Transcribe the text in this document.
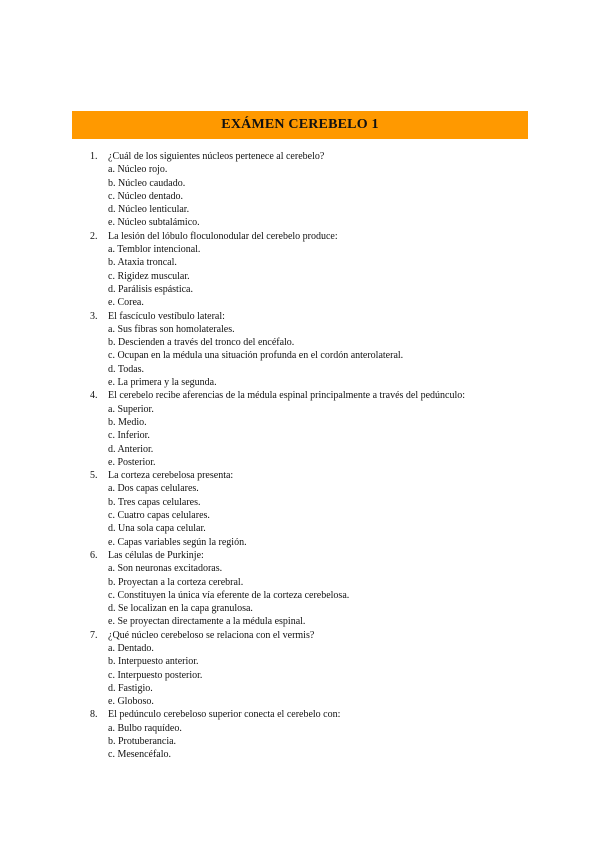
EXÁMEN CEREBELO 1
1. ¿Cuál de los siguientes núcleos pertenece al cerebelo?
a. Núcleo rojo.
b. Núcleo caudado.
c. Núcleo dentado.
d. Núcleo lenticular.
e. Núcleo subtalámico.
2. La lesión del lóbulo floculonodular del cerebelo produce:
a. Temblor intencional.
b. Ataxia troncal.
c. Rigidez muscular.
d. Parálisis espástica.
e. Corea.
3. El fascículo vestíbulo lateral:
a. Sus fibras son homolaterales.
b. Descienden a través del tronco del encéfalo.
c. Ocupan en la médula una situación profunda en el cordón anterolateral.
d. Todas.
e. La primera y la segunda.
4. El cerebelo recibe aferencias de la médula espinal principalmente a través del pedúnculo:
a. Superior.
b. Medio.
c. Inferior.
d. Anterior.
e. Posterior.
5. La corteza cerebelosa presenta:
a. Dos capas celulares.
b. Tres capas celulares.
c. Cuatro capas celulares.
d. Una sola capa celular.
e. Capas variables según la región.
6. Las células de Purkinje:
a. Son neuronas excitadoras.
b. Proyectan a la corteza cerebral.
c. Constituyen la única vía eferente de la corteza cerebelosa.
d. Se localizan en la capa granulosa.
e. Se proyectan directamente a la médula espinal.
7. ¿Qué núcleo cerebeloso se relaciona con el vermis?
a. Dentado.
b. Interpuesto anterior.
c. Interpuesto posterior.
d. Fastigio.
e. Globoso.
8. El pedúnculo cerebeloso superior conecta el cerebelo con:
a. Bulbo raquídeo.
b. Protuberancia.
c. Mesencéfalo.
